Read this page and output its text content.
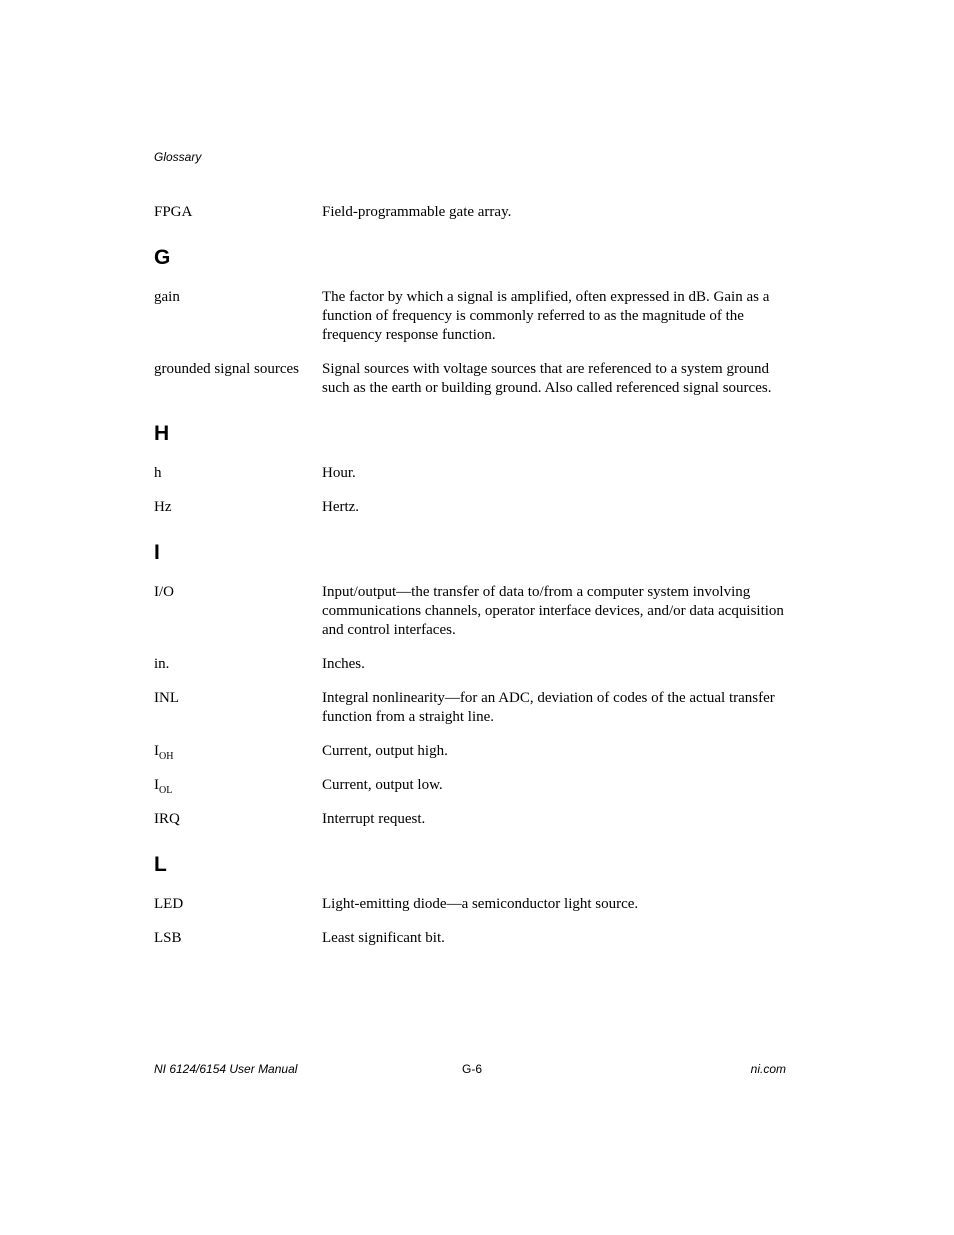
Glossary
FPGA	Field-programmable gate array.
G
gain	The factor by which a signal is amplified, often expressed in dB. Gain as a function of frequency is commonly referred to as the magnitude of the frequency response function.
grounded signal sources	Signal sources with voltage sources that are referenced to a system ground such as the earth or building ground. Also called referenced signal sources.
H
h	Hour.
Hz	Hertz.
I
I/O	Input/output—the transfer of data to/from a computer system involving communications channels, operator interface devices, and/or data acquisition and control interfaces.
in.	Inches.
INL	Integral nonlinearity—for an ADC, deviation of codes of the actual transfer function from a straight line.
$I_{OH}$	Current, output high.
$I_{OL}$	Current, output low.
IRQ	Interrupt request.
L
LED	Light-emitting diode—a semiconductor light source.
LSB	Least significant bit.
NI 6124/6154 User Manual	G-6	ni.com
